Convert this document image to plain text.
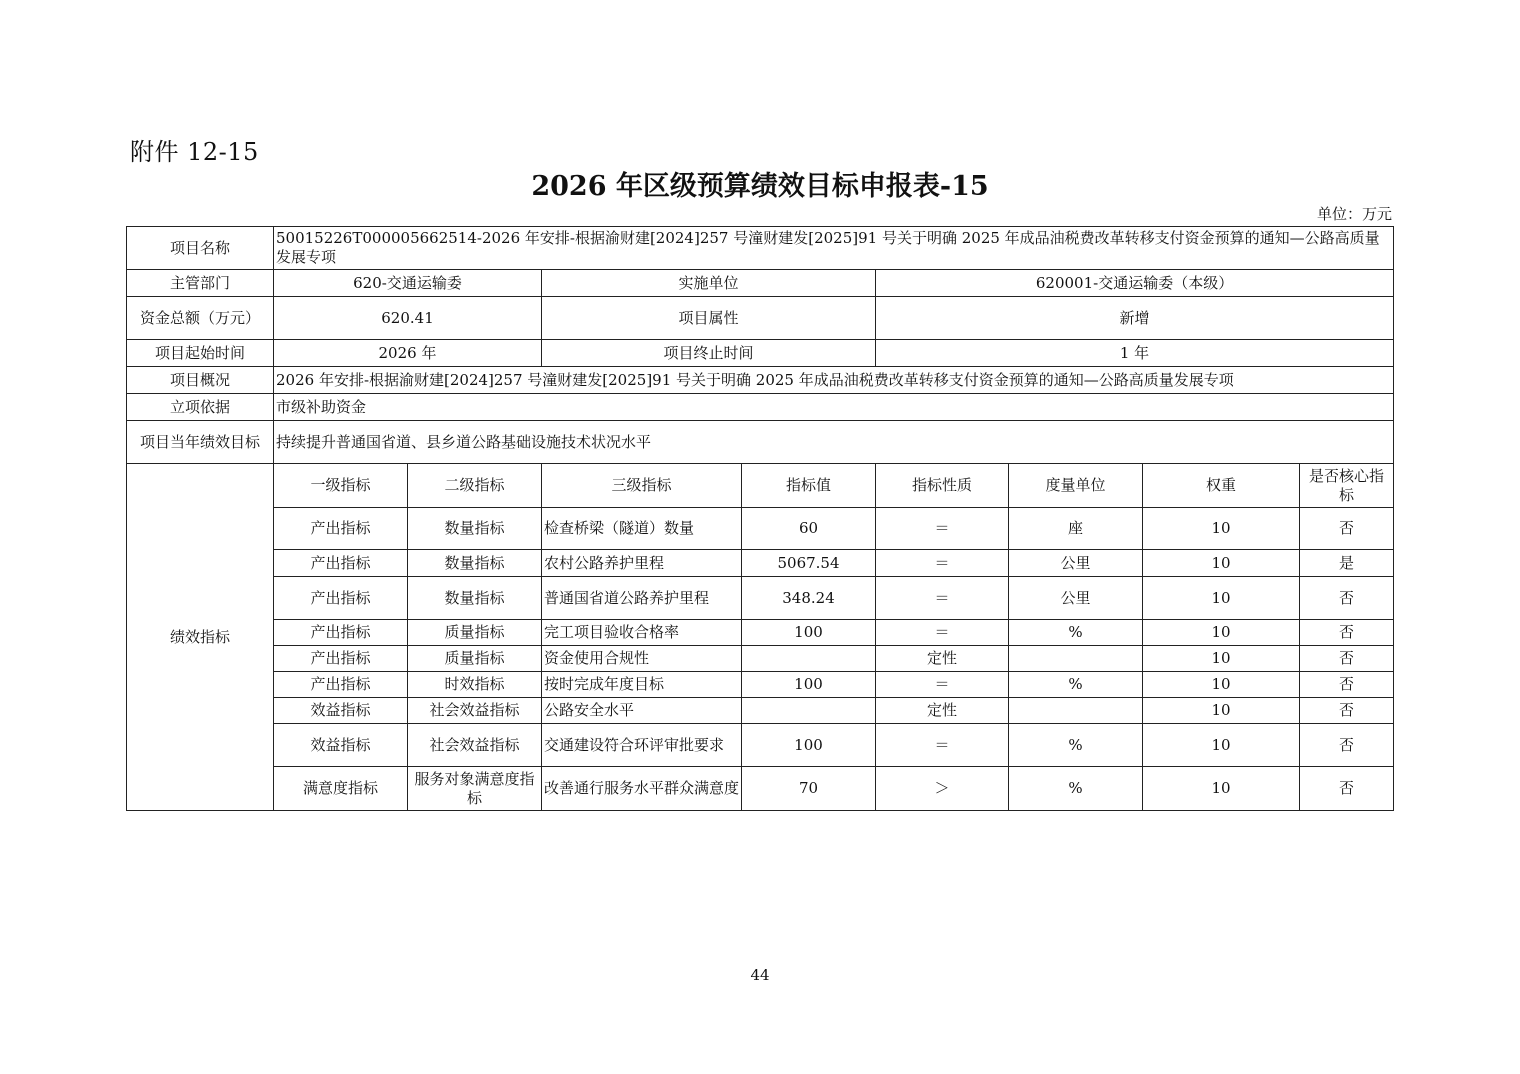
附件 12-15
2026 年区级预算绩效目标申报表-15
单位：万元
项目名称	50015226T000005662514-2026 年安排-根据渝财建[2024]257 号潼财建发[2025]91 号关于明确 2025 年成品油税费改革转移支付资金预算的通知—公路高质量发展专项							
主管部门	620-交通运输委		实施单位		620001-交通运输委（本级）			
资金总额（万元）	620.41		项目属性		新增			
项目起始时间	2026 年		项目终止时间		1 年			
项目概况	2026 年安排-根据渝财建[2024]257 号潼财建发[2025]91 号关于明确 2025 年成品油税费改革转移支付资金预算的通知—公路高质量发展专项							
立项依据	市级补助资金							
项目当年绩效目标	持续提升普通国省道、县乡道公路基础设施技术状况水平							
绩效指标	一级指标	二级指标	三级指标	指标值	指标性质	度量单位	权重	是否核心指标
	产出指标	数量指标	检查桥梁（隧道）数量	60	＝	座	10	否
	产出指标	数量指标	农村公路养护里程	5067.54	＝	公里	10	是
	产出指标	数量指标	普通国省道公路养护里程	348.24	＝	公里	10	否
	产出指标	质量指标	完工项目验收合格率	100	＝	%	10	否
	产出指标	质量指标	资金使用合规性		定性		10	否
	产出指标	时效指标	按时完成年度目标	100	＝	%	10	否
	效益指标	社会效益指标	公路安全水平		定性		10	否
	效益指标	社会效益指标	交通建设符合环评审批要求	100	＝	%	10	否
	满意度指标	服务对象满意度指标	改善通行服务水平群众满意度	70	＞	%	10	否
44
